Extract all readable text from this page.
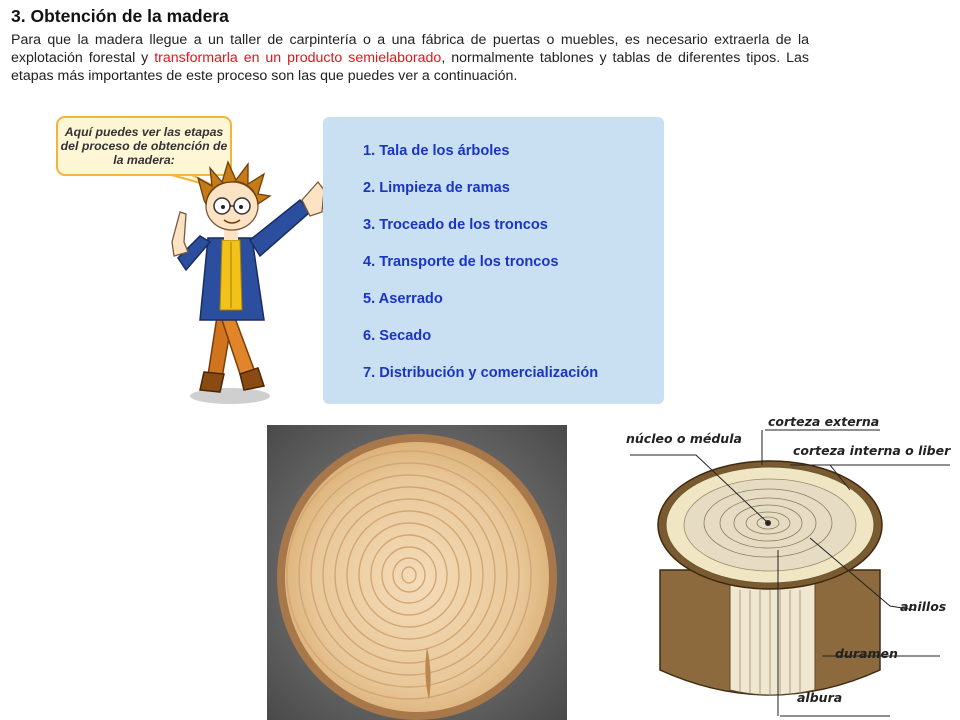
3. Obtención de la madera

Para que la madera llegue a un taller de carpintería o a una fábrica de puertas o muebles, es necesario extraerla de la explotación forestal y transformarla en un producto semielaborado, normalmente tablones y tablas de diferentes tipos. Las etapas más importantes de este proceso son las que puedes ver a continuación.

Aquí puedes ver las etapas del proceso de obtención de la madera:
1. Tala de los árboles
2. Limpieza de ramas
3. Troceado de los troncos
4. Transporte de los troncos
5. Aserrado
6. Secado
7. Distribución y comercialización
corteza externa
núcleo o médula
corteza interna o liber
anillos
duramen
albura
